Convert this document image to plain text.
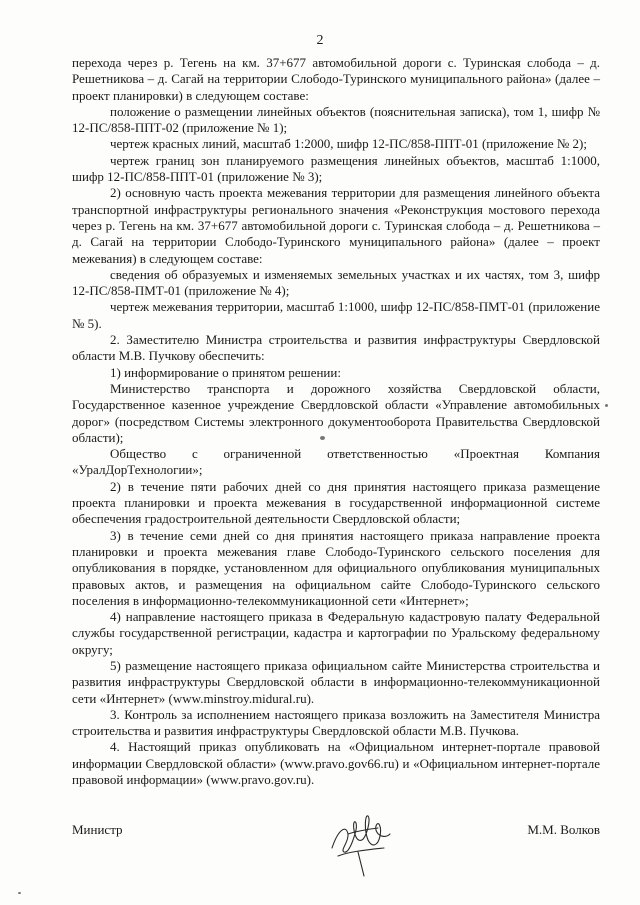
2

перехода через р. Тегень на км. 37+677 автомобильной дороги с. Туринская слобода – д. Решетникова – д. Сагай на территории Слободо-Туринского муниципального района» (далее – проект планировки) в следующем составе:

положение о размещении линейных объектов (пояснительная записка), том 1, шифр № 12-ПС/858-ППТ-02 (приложение № 1);

чертеж красных линий, масштаб 1:2000, шифр 12-ПС/858-ППТ-01 (приложение № 2);

чертеж границ зон планируемого размещения линейных объектов, масштаб 1:1000, шифр 12-ПС/858-ППТ-01 (приложение № 3);

2) основную часть проекта межевания территории для размещения линейного объекта транспортной инфраструктуры регионального значения «Реконструкция мостового перехода через р. Тегень на км. 37+677 автомобильной дороги с. Туринская слобода – д. Решетникова – д. Сагай на территории Слободо-Туринского муниципального района» (далее – проект межевания) в следующем составе:

сведения об образуемых и изменяемых земельных участках и их частях, том 3, шифр 12-ПС/858-ПМТ-01 (приложение № 4);

чертеж межевания территории, масштаб 1:1000, шифр 12-ПС/858-ПМТ-01 (приложение № 5).

2. Заместителю Министра строительства и развития инфраструктуры Свердловской области М.В. Пучкову обеспечить:

1) информирование о принятом решении:

Министерство транспорта и дорожного хозяйства Свердловской области, Государственное казенное учреждение Свердловской области «Управление автомобильных дорог» (посредством Системы электронного документооборота Правительства Свердловской области);

Общество с ограниченной ответственностью «Проектная Компания «УралДорТехнологии»;

2) в течение пяти рабочих дней со дня принятия настоящего приказа размещение проекта планировки и проекта межевания в государственной информационной системе обеспечения градостроительной деятельности Свердловской области;

3) в течение семи дней со дня принятия настоящего приказа направление проекта планировки и проекта межевания главе Слободо-Туринского сельского поселения для опубликования в порядке, установленном для официального опубликования муниципальных правовых актов, и размещения на официальном сайте Слободо-Туринского сельского поселения в информационно-телекоммуникационной сети «Интернет»;

4) направление настоящего приказа в Федеральную кадастровую палату Федеральной службы государственной регистрации, кадастра и картографии по Уральскому федеральному округу;

5) размещение настоящего приказа официальном сайте Министерства строительства и развития инфраструктуры Свердловской области в информационно-телекоммуникационной сети «Интернет» (www.minstroy.midural.ru).

3. Контроль за исполнением настоящего приказа возложить на Заместителя Министра строительства и развития инфраструктуры Свердловской области М.В. Пучкова.

4. Настоящий приказ опубликовать на «Официальном интернет-портале правовой информации Свердловской области» (www.pravo.gov66.ru) и «Официальном интернет-портале правовой информации» (www.pravo.gov.ru).

Министр	М.М. Волков
